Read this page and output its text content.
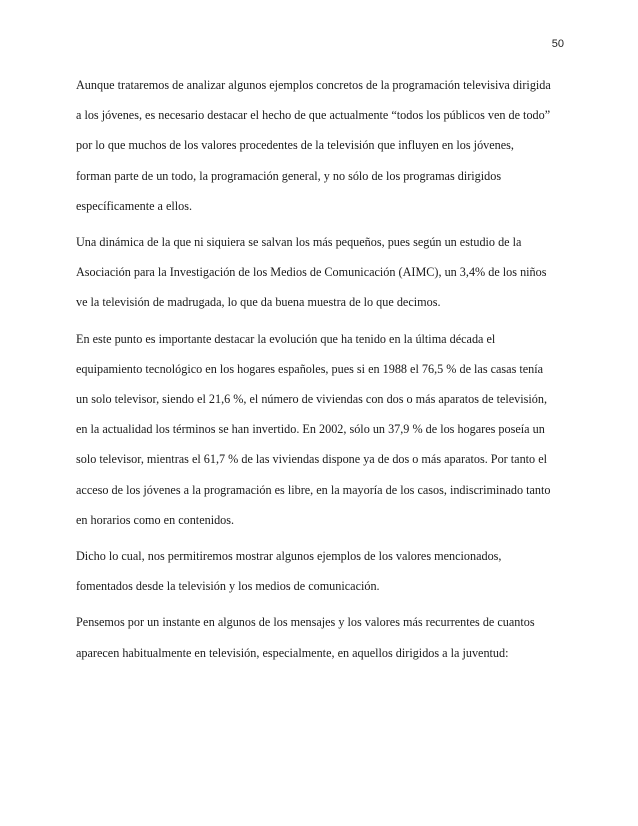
50
Aunque trataremos de analizar algunos ejemplos concretos de la programación televisiva dirigida
a los jóvenes, es necesario destacar el hecho de que actualmente “todos los públicos ven de todo”
por lo que muchos de los valores procedentes de la televisión que influyen en los jóvenes,
forman parte de un todo, la programación general, y no sólo de los programas dirigidos
específicamente a ellos.
Una dinámica de la que ni siquiera se salvan los más pequeños, pues según un estudio de la
Asociación para la Investigación de los Medios de Comunicación (AIMC), un 3,4% de los niños
ve la televisión de madrugada, lo que da buena muestra de lo que decimos.
En este punto es importante destacar la evolución que ha tenido en la última década el
equipamiento tecnológico en los hogares españoles, pues si en 1988 el 76,5 % de las casas tenía
un solo televisor, siendo el 21,6 %, el número de viviendas con dos o más aparatos de televisión,
en la actualidad los términos se han invertido. En 2002, sólo un 37,9 % de los hogares poseía un
solo televisor, mientras el 61,7 % de las viviendas dispone ya de dos o más aparatos. Por tanto el
acceso de los jóvenes a la programación es libre, en la mayoría de los casos, indiscriminado tanto
en horarios como en contenidos.
Dicho lo cual, nos permitiremos mostrar algunos ejemplos de los valores mencionados,
fomentados desde la televisión y los medios de comunicación.
Pensemos por un instante en algunos de los mensajes y los valores más recurrentes de cuantos
aparecen habitualmente en televisión, especialmente, en aquellos dirigidos a la juventud:
